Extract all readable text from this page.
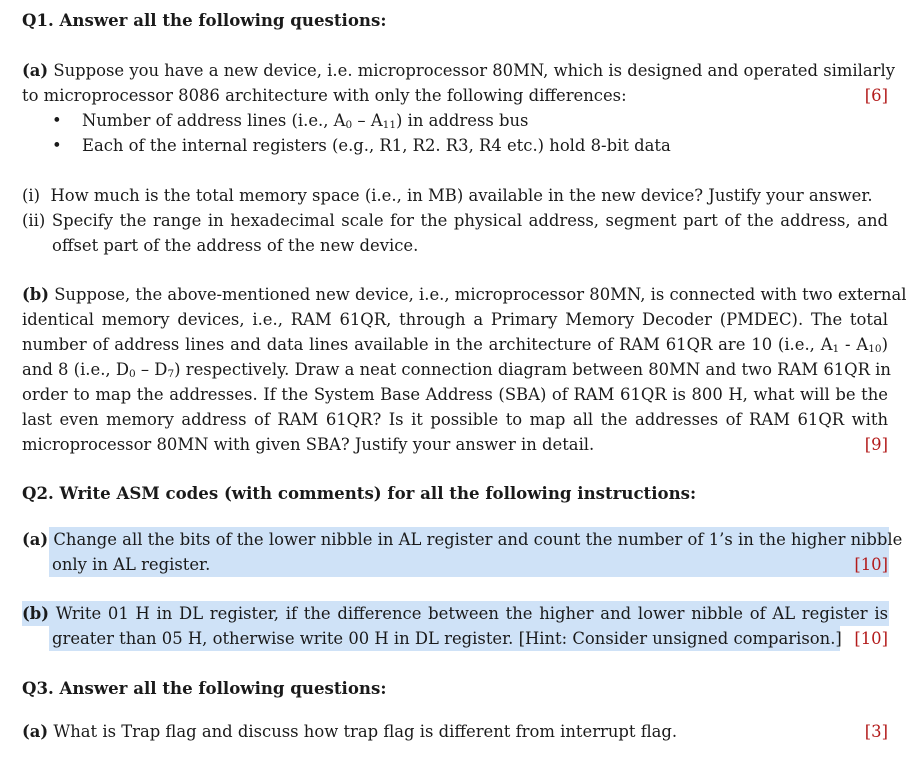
Q1. Answer all the following questions:
(a) Suppose you have a new device, i.e. microprocessor 80MN, which is designed and operated similarly
to microprocessor 8086 architecture with only the following differences:	[6]
• Number of address lines (i.e., A0 – A11) in address bus
• Each of the internal registers (e.g., R1, R2. R3, R4 etc.) hold 8-bit data
(i) How much is the total memory space (i.e., in MB) available in the new device? Justify your answer.
(ii) Specify the range in hexadecimal scale for the physical address, segment part of the address, and
offset part of the address of the new device.
(b) Suppose, the above-mentioned new device, i.e., microprocessor 80MN, is connected with two external
identical memory devices, i.e., RAM 61QR, through a Primary Memory Decoder (PMDEC). The total
number of address lines and data lines available in the architecture of RAM 61QR are 10 (i.e., A1 - A10)
and 8 (i.e., D0 – D7) respectively. Draw a neat connection diagram between 80MN and two RAM 61QR in
order to map the addresses. If the System Base Address (SBA) of RAM 61QR is 800 H, what will be the
last even memory address of RAM 61QR? Is it possible to map all the addresses of RAM 61QR with
microprocessor 80MN with given SBA? Justify your answer in detail.	[9]
Q2. Write ASM codes (with comments) for all the following instructions:
(a) Change all the bits of the lower nibble in AL register and count the number of 1’s in the higher nibble
only in AL register.	[10]
(b) Write 01 H in DL register, if the difference between the higher and lower nibble of AL register is
greater than 05 H, otherwise write 00 H in DL register. [Hint: Consider unsigned comparison.] [10]
Q3. Answer all the following questions:
(a) What is Trap flag and discuss how trap flag is different from interrupt flag.	[3]
